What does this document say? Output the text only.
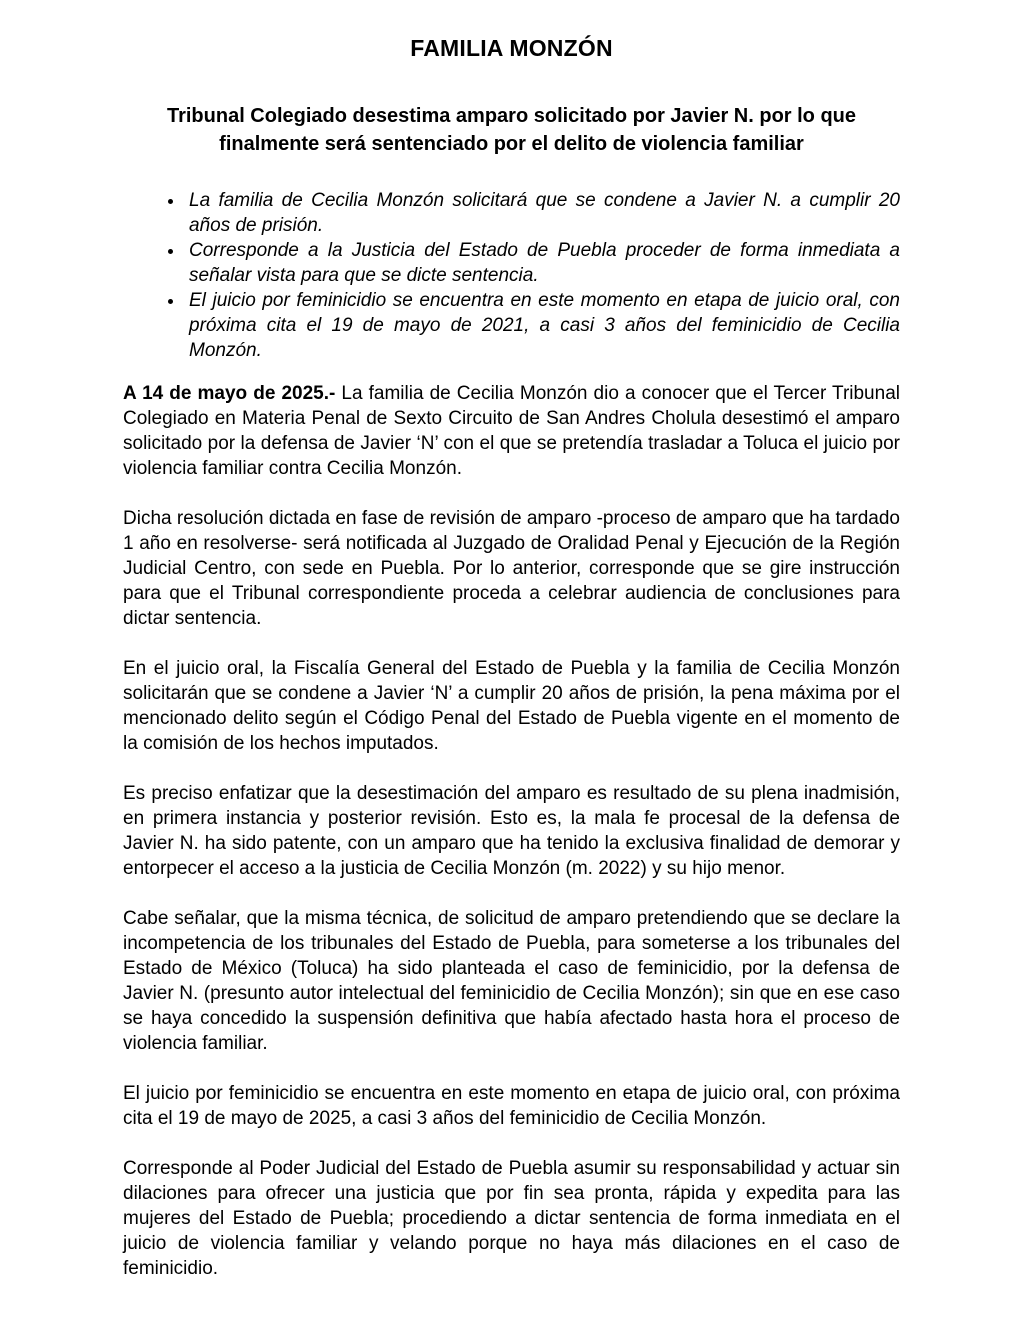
FAMILIA MONZÓN
Tribunal Colegiado desestima amparo solicitado por Javier N. por lo que finalmente será sentenciado por el delito de violencia familiar
• La familia de Cecilia Monzón solicitará que se condene a Javier N. a cumplir 20 años de prisión.
• Corresponde a la Justicia del Estado de Puebla proceder de forma inmediata a señalar vista para que se dicte sentencia.
• El juicio por feminicidio se encuentra en este momento en etapa de juicio oral, con próxima cita el 19 de mayo de 2021, a casi 3 años del feminicidio de Cecilia Monzón.

A 14 de mayo de 2025.- La familia de Cecilia Monzón dio a conocer que el Tercer Tribunal Colegiado en Materia Penal de Sexto Circuito de San Andres Cholula desestimó el amparo solicitado por la defensa de Javier ‘N’ con el que se pretendía trasladar a Toluca el juicio por violencia familiar contra Cecilia Monzón.

Dicha resolución dictada en fase de revisión de amparo -proceso de amparo que ha tardado 1 año en resolverse- será notificada al Juzgado de Oralidad Penal y Ejecución de la Región Judicial Centro, con sede en Puebla. Por lo anterior, corresponde que se gire instrucción para que el Tribunal correspondiente proceda a celebrar audiencia de conclusiones para dictar sentencia.

En el juicio oral, la Fiscalía General del Estado de Puebla y la familia de Cecilia Monzón solicitarán que se condene a Javier ‘N’ a cumplir 20 años de prisión, la pena máxima por el mencionado delito según el Código Penal del Estado de Puebla vigente en el momento de la comisión de los hechos imputados.

Es preciso enfatizar que la desestimación del amparo es resultado de su plena inadmisión, en primera instancia y posterior revisión. Esto es, la mala fe procesal de la defensa de Javier N. ha sido patente, con un amparo que ha tenido la exclusiva finalidad de demorar y entorpecer el acceso a la justicia de Cecilia Monzón (m. 2022) y su hijo menor.

Cabe señalar, que la misma técnica, de solicitud de amparo pretendiendo que se declare la incompetencia de los tribunales del Estado de Puebla, para someterse a los tribunales del Estado de México (Toluca) ha sido planteada el caso de feminicidio, por la defensa de Javier N. (presunto autor intelectual del feminicidio de Cecilia Monzón); sin que en ese caso se haya concedido la suspensión definitiva que había afectado hasta hora el proceso de violencia familiar.

El juicio por feminicidio se encuentra en este momento en etapa de juicio oral, con próxima cita el 19 de mayo de 2025, a casi 3 años del feminicidio de Cecilia Monzón.

Corresponde al Poder Judicial del Estado de Puebla asumir su responsabilidad y actuar sin dilaciones para ofrecer una justicia que por fin sea pronta, rápida y expedita para las mujeres del Estado de Puebla; procediendo a dictar sentencia de forma inmediata en el juicio de violencia familiar y velando porque no haya más dilaciones en el caso de feminicidio.
